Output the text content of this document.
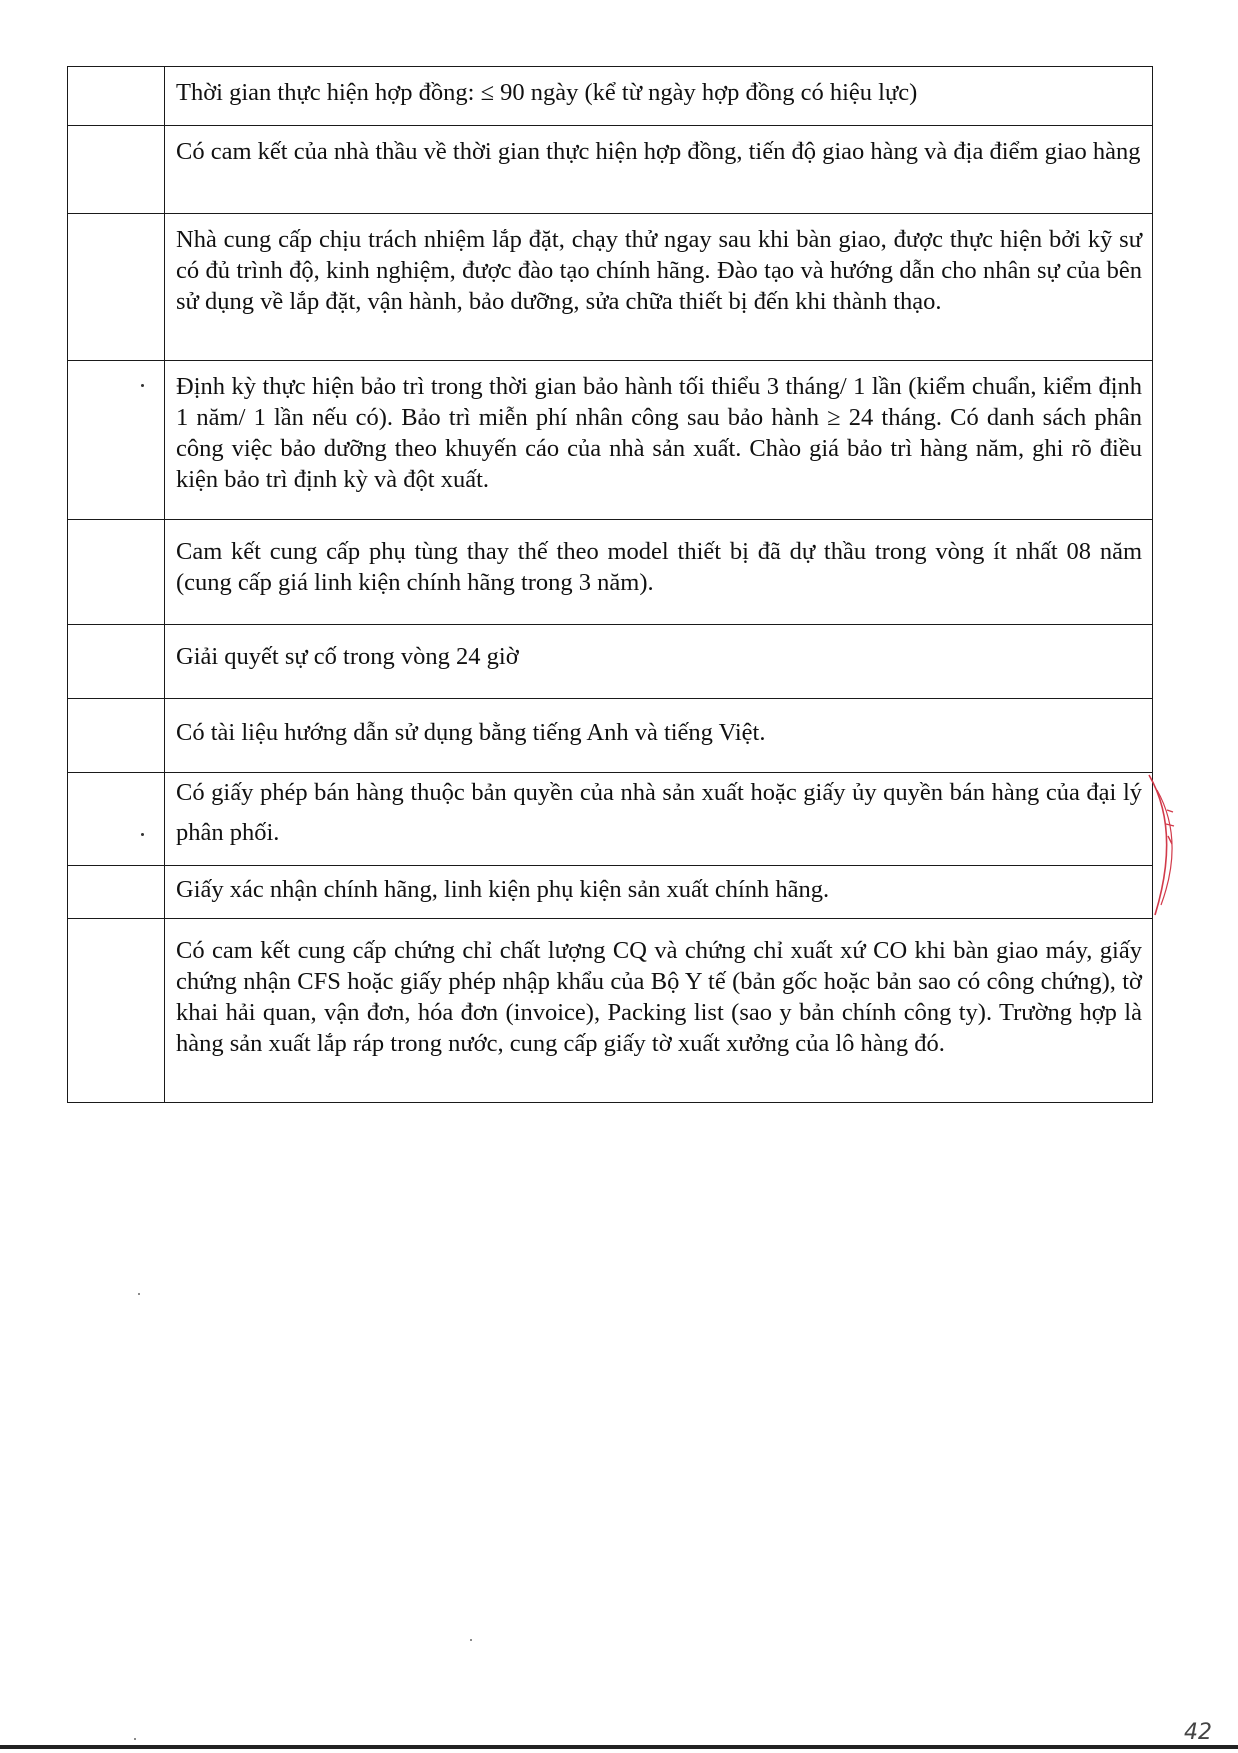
	Thời gian thực hiện hợp đồng: ≤ 90 ngày (kể từ ngày hợp đồng có hiệu lực)

	Có cam kết của nhà thầu về thời gian thực hiện hợp đồng, tiến độ giao hàng và địa điểm giao hàng

	Nhà cung cấp chịu trách nhiệm lắp đặt, chạy thử ngay sau khi bàn giao, được thực hiện bởi kỹ sư có đủ trình độ, kinh nghiệm, được đào tạo chính hãng. Đào tạo và hướng dẫn cho nhân sự của bên sử dụng về lắp đặt, vận hành, bảo dưỡng, sửa chữa thiết bị đến khi thành thạo.

	Định kỳ thực hiện bảo trì trong thời gian bảo hành tối thiểu 3 tháng/ 1 lần (kiểm chuẩn, kiểm định 1 năm/ 1 lần nếu có). Bảo trì miễn phí nhân công sau bảo hành ≥ 24 tháng. Có danh sách phân công việc bảo dưỡng theo khuyến cáo của nhà sản xuất. Chào giá bảo trì hàng năm, ghi rõ điều kiện bảo trì định kỳ và đột xuất.

	Cam kết cung cấp phụ tùng thay thế theo model thiết bị đã dự thầu trong vòng ít nhất 08 năm (cung cấp giá linh kiện chính hãng trong 3 năm).

	Giải quyết sự cố trong vòng 24 giờ

	Có tài liệu hướng dẫn sử dụng bằng tiếng Anh và tiếng Việt.

	Có giấy phép bán hàng thuộc bản quyền của nhà sản xuất hoặc giấy ủy quyền bán hàng của đại lý phân phối.

	Giấy xác nhận chính hãng, linh kiện phụ kiện sản xuất chính hãng.

	Có cam kết cung cấp chứng chỉ chất lượng CQ và chứng chỉ xuất xứ CO khi bàn giao máy, giấy chứng nhận CFS hoặc giấy phép nhập khẩu của Bộ Y tế (bản gốc hoặc bản sao có công chứng), tờ khai hải quan, vận đơn, hóa đơn (invoice), Packing list (sao y bản chính công ty). Trường hợp là hàng sản xuất lắp ráp trong nước, cung cấp giấy tờ xuất xưởng của lô hàng đó.
42
